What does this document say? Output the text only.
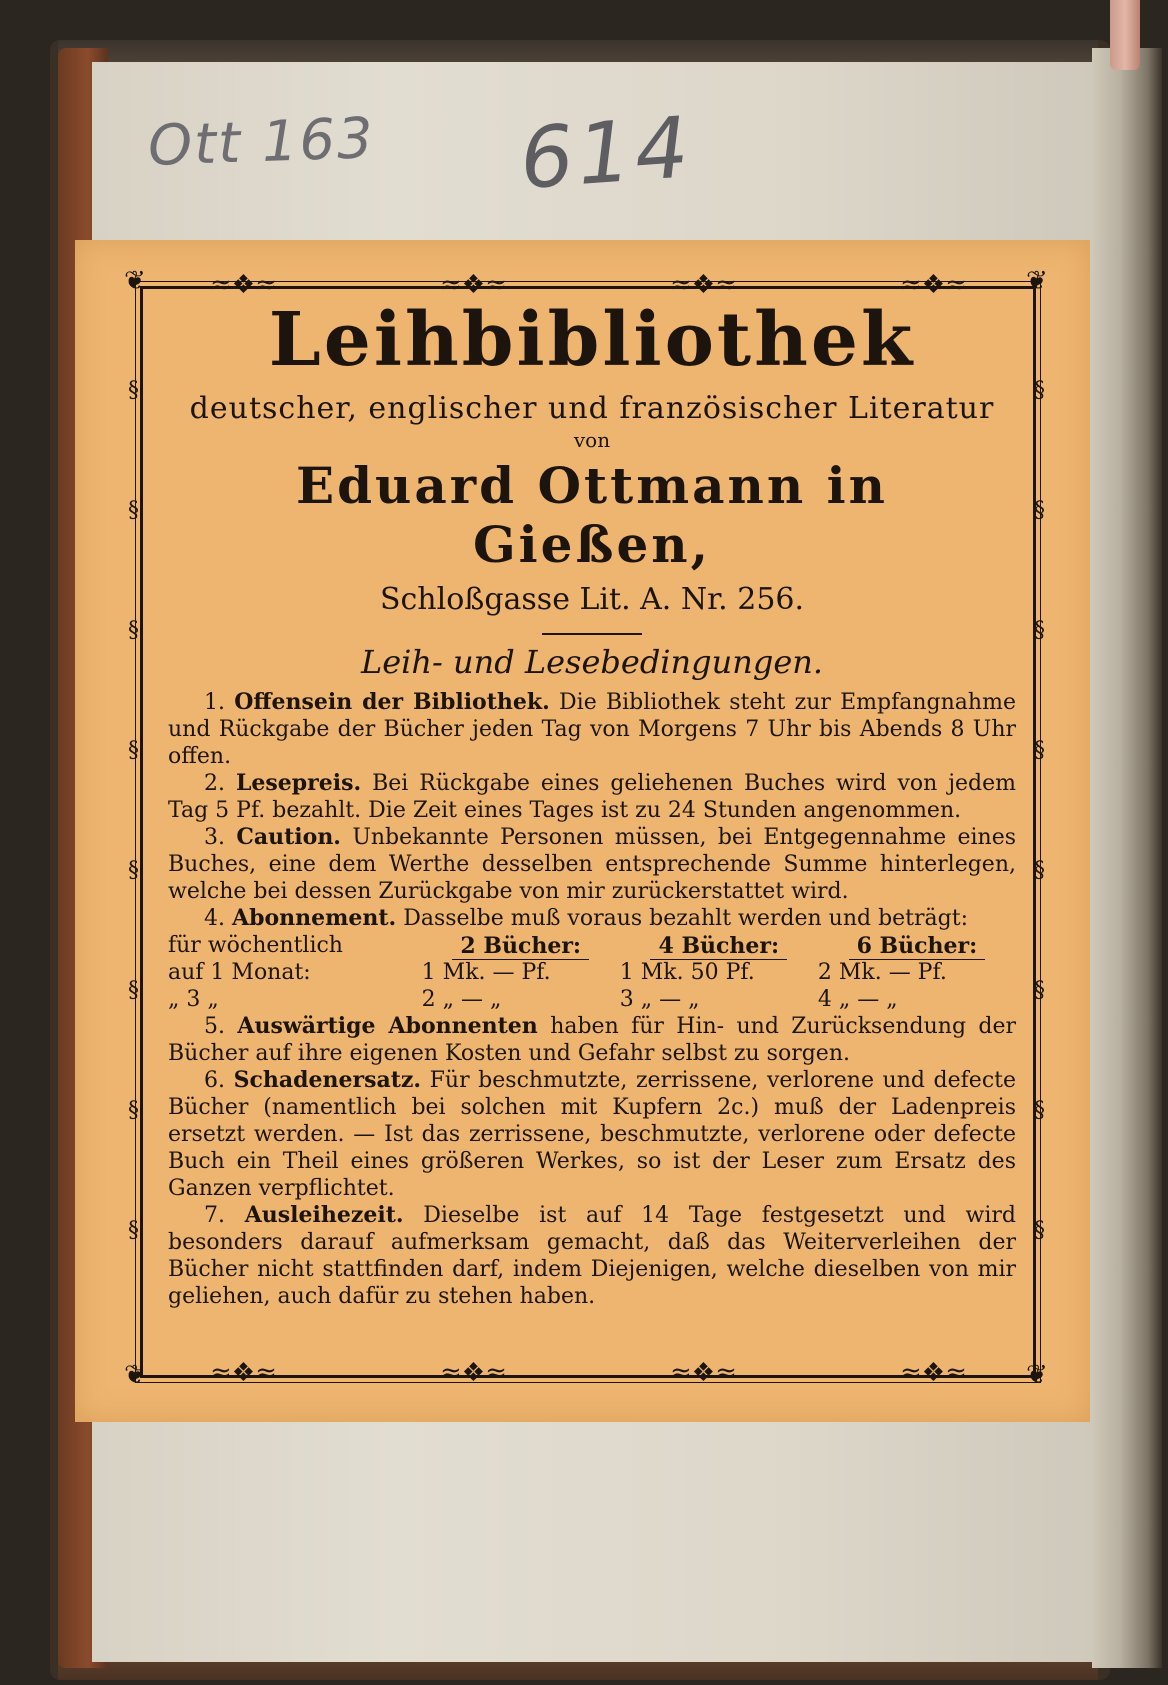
Ott 163 614
❦	❦
❦	❦
≈❖≈	≈❖≈	≈❖≈	≈❖≈
≈❖≈	≈❖≈	≈❖≈	≈❖≈
§
§
§
§
§
§
§
§
§
§
§
§
§
§
§
§
Leihbibliothek
deutscher, englischer und französischer Literatur
von
Eduard Ottmann in Gießen,
Schloßgasse Lit. A. Nr. 256.
Leih- und Lesebedingungen.

1. Offensein der Bibliothek. Die Bibliothek steht zur Empfangnahme und Rückgabe der Bücher jeden Tag von Morgens 7 Uhr bis Abends 8 Uhr offen.

2. Lesepreis. Bei Rückgabe eines geliehenen Buches wird von jedem Tag 5 Pf. bezahlt. Die Zeit eines Tages ist zu 24 Stunden angenommen.

3. Caution. Unbekannte Personen müssen, bei Entgegennahme eines Buches, eine dem Werthe desselben entsprechende Summe hinterlegen, welche bei dessen Zurückgabe von mir zurückerstattet wird.

4. Abonnement. Dasselbe muß voraus bezahlt werden und beträgt:

für wöchentlich	2 Bücher:	4 Bücher:	6 Bücher:
auf 1 Monat:	1 Mk. — Pf.	1 Mk. 50 Pf.	2 Mk. — Pf.
„ 3 „	2 „ — „	3 „ — „	4 „ — „

5. Auswärtige Abonnenten haben für Hin- und Zurücksendung der Bücher auf ihre eigenen Kosten und Gefahr selbst zu sorgen.

6. Schadenersatz. Für beschmutzte, zerrissene, verlorene und defecte Bücher (namentlich bei solchen mit Kupfern 2c.) muß der Ladenpreis ersetzt werden. — Ist das zerrissene, beschmutzte, verlorene oder defecte Buch ein Theil eines größeren Werkes, so ist der Leser zum Ersatz des Ganzen verpflichtet.

7. Ausleihezeit. Dieselbe ist auf 14 Tage festgesetzt und wird besonders darauf aufmerksam gemacht, daß das Weiterverleihen der Bücher nicht stattfinden darf, indem Diejenigen, welche dieselben von mir geliehen, auch dafür zu stehen haben.
